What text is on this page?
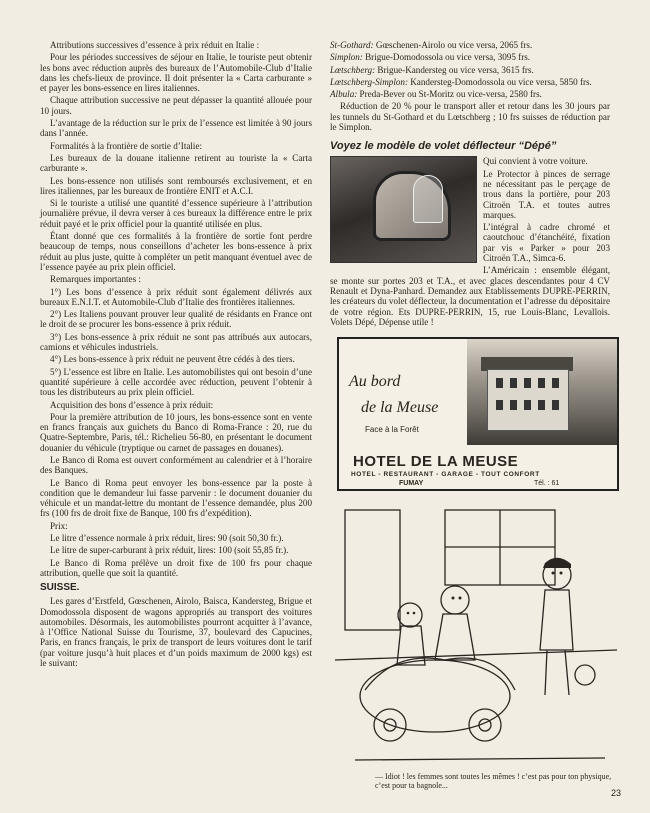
Attributions successives d’essence à prix réduit en Italie :

Pour les périodes successives de séjour en Italie, le touriste peut obtenir les bons avec réduction auprès des bureaux de l’Automobile-Club d’Italie dans les chefs-lieux de province. Il doit présenter la « Carta carburante » et payer les bons-essence en lires italiennes.

Chaque attribution successive ne peut dépasser la quantité allouée pour 10 jours.

L’avantage de la réduction sur le prix de l’essence est limitée à 90 jours dans l’année.

Formalités à la frontière de sortie d’Italie:

Les bureaux de la douane italienne retirent au touriste la « Carta carburante ».

Les bons-essence non utilisés sont remboursés exclusivement, et en lires italiennes, par les bureaux de frontière ENIT et A.C.I.

Si le touriste a utilisé une quantité d’essence supérieure à l’attribution journalière prévue, il devra verser à ces bureaux la différence entre le prix réduit payé et le prix officiel pour la quantité utilisée en plus.

Étant donné que ces formalités à la frontière de sortie font perdre beaucoup de temps, nous conseillons d’acheter les bons-essence à prix réduit au plus juste, quitte à compléter un petit manquant éventuel avec de l’essence payée au prix plein officiel.

Remarques importantes :

1°) Les bons d’essence à prix réduit sont également délivrés aux bureaux E.N.I.T. et Automobile-Club d’Italie des frontières italiennes.

2°) Les Italiens pouvant prouver leur qualité de résidants en France ont le droit de se procurer les bons-essence à prix réduit.

3°) Les bons-essence à prix réduit ne sont pas attribués aux autocars, camions et véhicules industriels.

4°) Les bons-essence à prix réduit ne peuvent être cédés à des tiers.

5°) L’essence est libre en Italie. Les automobilistes qui ont besoin d’une quantité supérieure à celle accordée avec réduction, peuvent l’obtenir à tous les distributeurs au prix plein officiel.

Acquisition des bons d’essence à prix réduit:

Pour la première attribution de 10 jours, les bons-essence sont en vente en francs français aux guichets du Banco di Roma-France : 20, rue du Quatre-Septembre, Paris, tél.: Richelieu 56-80, en présentant le document douanier du véhicule (tryptique ou carnet de passages en douanes).

Le Banco di Roma est ouvert conformément au calendrier et à l’horaire des Banques.

Le Banco di Roma peut envoyer les bons-essence par la poste à condition que le demandeur lui fasse parvenir : le document douanier du véhicule et un mandat-lettre du montant de l’essence demandée, plus 200 frs (100 frs de droit fixe de Banque, 100 frs d’expédition).

Prix:

Le litre d’essence normale à prix réduit, lires: 90 (soit 50,30 fr.).

Le litre de super-carburant à prix réduit, lires: 100 (soit 55,85 fr.).

Le Banco di Roma prélève un droit fixe de 100 frs pour chaque attribution, quelle que soit la quantité.

SUISSE.

Les gares d’Erstfeld, Gœschenen, Airolo, Baisca, Kandersteg, Brigue et Domodossola disposent de wagons appropriés au transport des voitures automobiles. Désormais, les automobilistes pourront acquitter à l’avance, à l’Office National Suisse du Tourisme, 37, boulevard des Capucines, Paris, en francs français, le prix de transport de leurs voitures dont le tarif (par voiture jusqu’à huit places et d’un poids maximum de 2000 kgs) est le suivant:

St-Gothard: Gœschenen-Airolo ou vice versa, 2065 frs.

Simplon: Brigue-Domodossola ou vice versa, 3095 frs.

Lœtschberg: Brigue-Kandersteg ou vice versa, 3615 frs.

Lœtschberg-Simplon: Kandersteg-Domodossola ou vice versa, 5850 frs.

Albula: Preda-Bever ou St-Moritz ou vice-versa, 2580 frs.

Réduction de 20 % pour le transport aller et retour dans les 30 jours par les tunnels du St-Gothard et du Lœtschberg ; 10 frs suisses de réduction par le Simplon.

Voyez le modèle de volet déflecteur “Dépé”

Qui convient à votre voiture.

Le Protector à pinces de serrage ne nécessitant pas le perçage de trous dans la portière, pour 203 Citroën T.A. et toutes autres marques.

L’intégral à cadre chromé et caoutchouc d’étanchéité, fixation par vis « Parker » pour 203 Citroën T.A., Simca-6.

L’Américain : ensemble élégant, se monte sur portes 203 et T.A., et avec glaces descendantes pour 4 CV Renault et Dyna-Panhard. Demandez aux Etablissements DUPRE-PERRIN, les créateurs du volet déflecteur, la documentation et l’adresse du dépositaire de votre région. Ets DUPRE-PERRIN, 15, rue Louis-Blanc, Levallois. Volets Dépé, Dépense utile !

Au bord
de la Meuse
Face à la Forêt
HOTEL DE LA MEUSE
HOTEL - RESTAURANT - GARAGE - TOUT CONFORT
FUMAY	Tél. : 61
— Idiot ! les femmes sont toutes les mêmes ! c’est pas pour ton physique, c’est pour ta bagnole...
23
